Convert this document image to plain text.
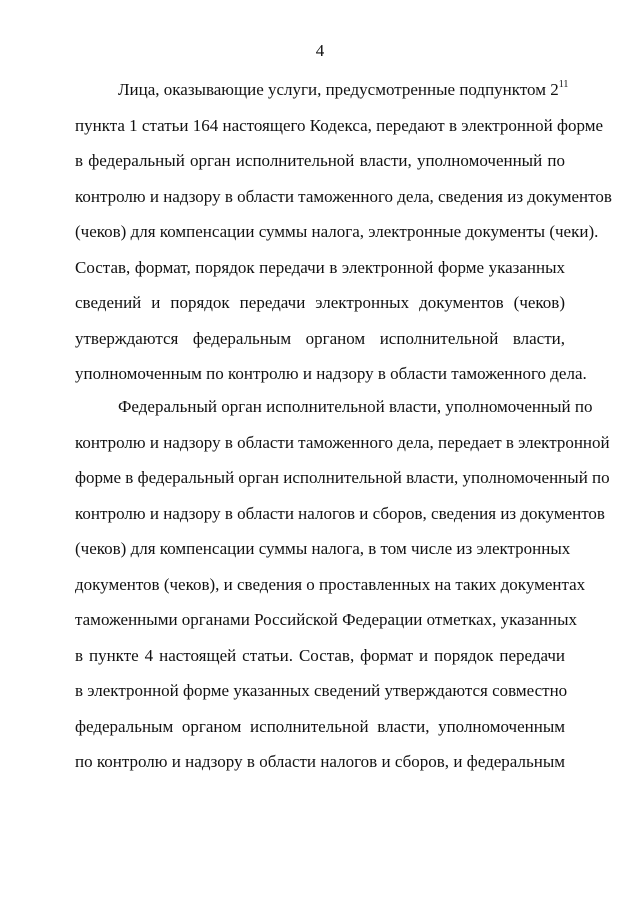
4
Лица, оказывающие услуги, предусмотренные подпунктом $2^{11}$
пункта 1 статьи 164 настоящего Кодекса, передают в электронной форме
в федеральный орган исполнительной власти, уполномоченный по
контролю и надзору в области таможенного дела, сведения из документов
(чеков) для компенсации суммы налога, электронные документы (чеки).
Состав, формат, порядок передачи в электронной форме указанных
сведений и порядок передачи электронных документов (чеков)
утверждаются федеральным органом исполнительной власти,
уполномоченным по контролю и надзору в области таможенного дела.
Федеральный орган исполнительной власти, уполномоченный по
контролю и надзору в области таможенного дела, передает в электронной
форме в федеральный орган исполнительной власти, уполномоченный по
контролю и надзору в области налогов и сборов, сведения из документов
(чеков) для компенсации суммы налога, в том числе из электронных
документов (чеков), и сведения о проставленных на таких документах
таможенными органами Российской Федерации отметках, указанных
в пункте 4 настоящей статьи. Состав, формат и порядок передачи
в электронной форме указанных сведений утверждаются совместно
федеральным органом исполнительной власти, уполномоченным
по контролю и надзору в области налогов и сборов, и федеральным
